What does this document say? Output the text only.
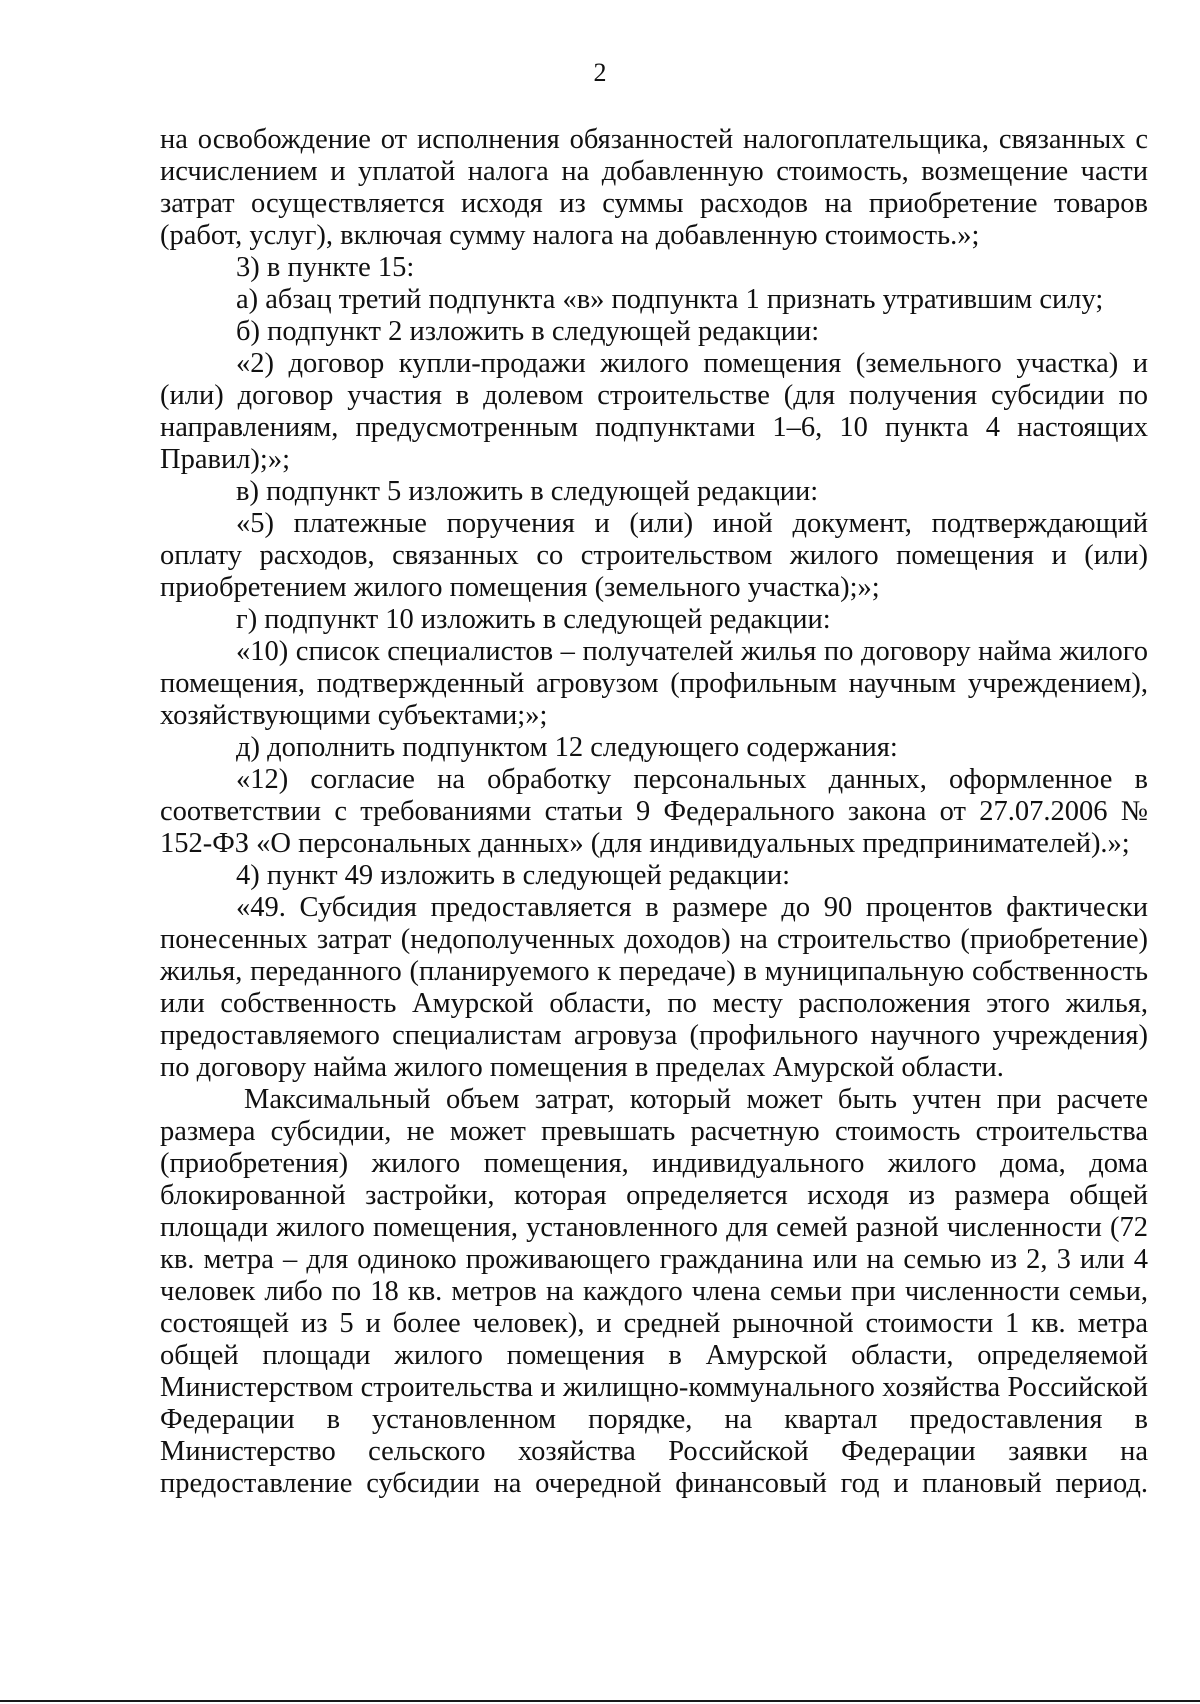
2

на освобождение от исполнения обязанностей налогоплательщика, связанных с исчислением и уплатой налога на добавленную стоимость, возмещение части затрат осуществляется исходя из суммы расходов на приобретение товаров (работ, услуг), включая сумму налога на добавленную стоимость.»;

3) в пункте 15:

а) абзац третий подпункта «в» подпункта 1 признать утратившим силу;

б) подпункт 2 изложить в следующей редакции:

«2) договор купли-продажи жилого помещения (земельного участка) и (или) договор участия в долевом строительстве (для получения субсидии по направлениям, предусмотренным подпунктами 1–6, 10 пункта 4 настоящих Правил);»;

в) подпункт 5 изложить в следующей редакции:

«5) платежные поручения и (или) иной документ, подтверждающий оплату расходов, связанных со строительством жилого помещения и (или) приобретением жилого помещения (земельного участка);»;

г) подпункт 10 изложить в следующей редакции:

«10) список специалистов – получателей жилья по договору найма жилого помещения, подтвержденный агровузом (профильным научным учреждением), хозяйствующими субъектами;»;

д) дополнить подпунктом 12 следующего содержания:

«12) согласие на обработку персональных данных, оформленное в соответствии с требованиями статьи 9 Федерального закона от 27.07.2006 № 152-ФЗ «О персональных данных» (для индивидуальных предпринимателей).»;

4) пункт 49 изложить в следующей редакции:

«49. Субсидия предоставляется в размере до 90 процентов фактически понесенных затрат (недополученных доходов) на строительство (приобретение) жилья, переданного (планируемого к передаче) в муниципальную собственность или собственность Амурской области, по месту расположения этого жилья, предоставляемого специалистам агровуза (профильного научного учреждения) по договору найма жилого помещения в пределах Амурской области.

Максимальный объем затрат, который может быть учтен при расчете размера субсидии, не может превышать расчетную стоимость строительства (приобретения) жилого помещения, индивидуального жилого дома, дома блокированной застройки, которая определяется исходя из размера общей площади жилого помещения, установленного для семей разной численности (72 кв. метра – для одиноко проживающего гражданина или на семью из 2, 3 или 4 человек либо по 18 кв. метров на каждого члена семьи при численности семьи, состоящей из 5 и более человек), и средней рыночной стоимости 1 кв. метра общей площади жилого помещения в Амурской области, определяемой Министерством строительства и жилищно-коммунального хозяйства Российской Федерации в установленном порядке, на квартал предоставления в Министерство сельского хозяйства Российской Федерации заявки на предоставление субсидии на очередной финансовый год и плановый период.
